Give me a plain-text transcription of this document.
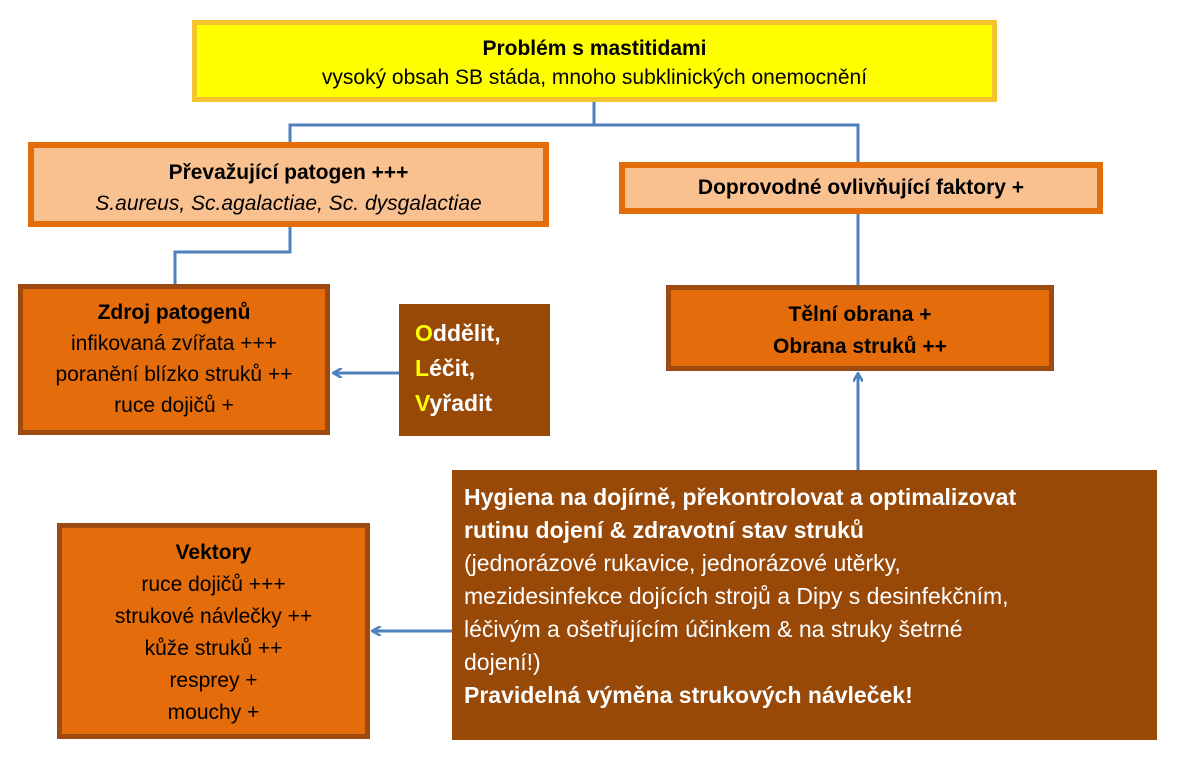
Problém s mastitidami
vysoký obsah SB stáda, mnoho subklinických onemocnění
Převažující patogen +++
S.aureus, Sc.agalactiae, Sc. dysgalactiae
Doprovodné ovlivňující faktory +
Zdroj patogenů
infikovaná zvířata +++
poranění blízko struků ++
ruce dojičů +
Oddělit,
Léčit,
Vyřadit
Tělní obrana +
Obrana struků ++
Vektory
ruce dojičů +++
strukové návlečky ++
kůže struků ++
resprey +
mouchy +
Hygiena na dojírně, překontrolovat a optimalizovat
rutinu dojení & zdravotní stav struků
(jednorázové rukavice, jednorázové utěrky,
mezidesinfekce dojících strojů a Dipy s desinfekčním,
léčivým a ošetřujícím účinkem & na struky šetrné
dojení!)
Pravidelná výměna strukových návleček!
